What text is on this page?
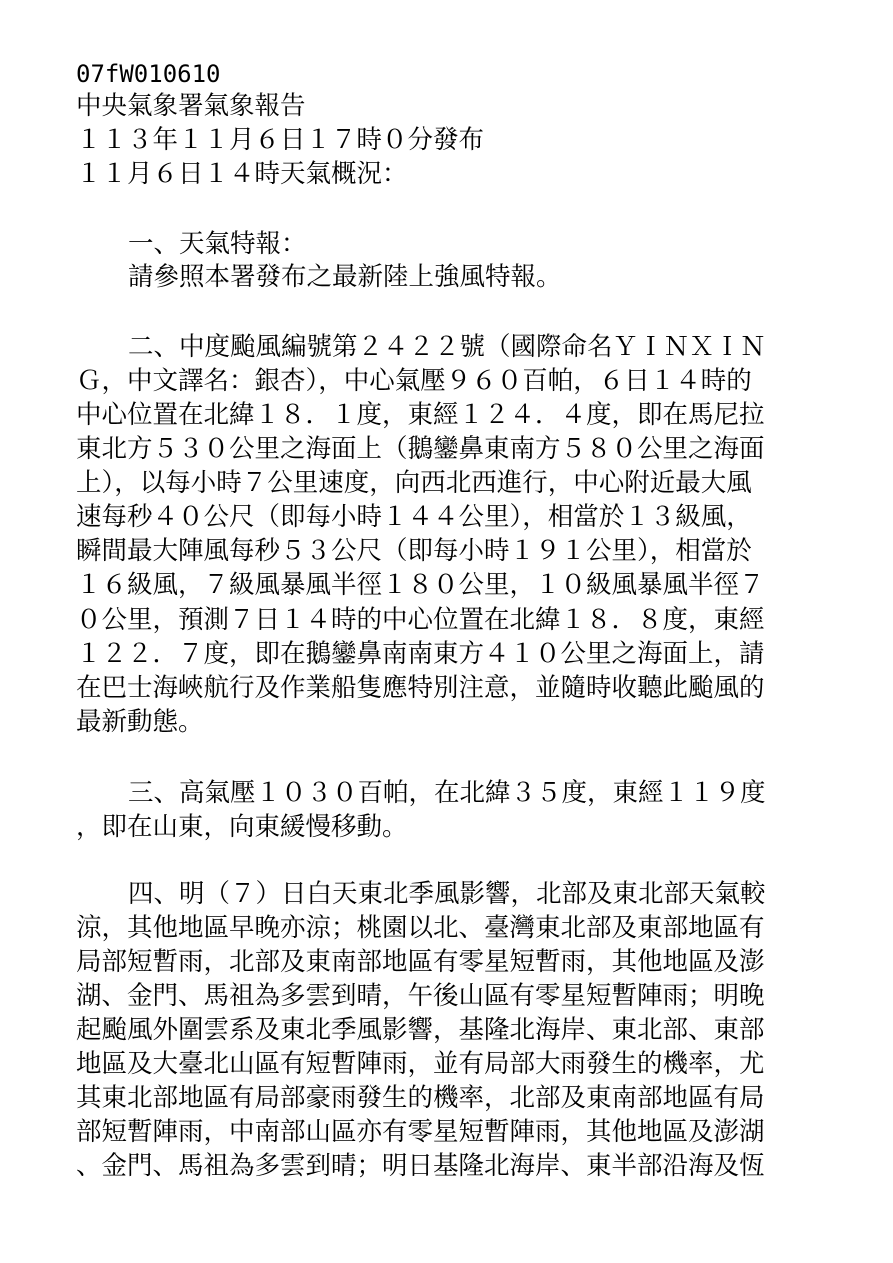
07fW010610
中央氣象署氣象報告
１１３年１１月６日１７時０分發布
１１月６日１４時天氣概況：
一、天氣特報：
請參照本署發布之最新陸上強風特報。
二、中度颱風編號第２４２２號（國際命名ＹＩＮＸＩＮ
Ｇ，中文譯名：銀杏），中心氣壓９６０百帕，６日１４時的
中心位置在北緯１８．１度，東經１２４．４度，即在馬尼拉
東北方５３０公里之海面上（鵝鑾鼻東南方５８０公里之海面
上），以每小時７公里速度，向西北西進行，中心附近最大風
速每秒４０公尺（即每小時１４４公里），相當於１３級風，
瞬間最大陣風每秒５３公尺（即每小時１９１公里），相當於
１６級風，７級風暴風半徑１８０公里，１０級風暴風半徑７
０公里，預測７日１４時的中心位置在北緯１８．８度，東經
１２２．７度，即在鵝鑾鼻南南東方４１０公里之海面上，請
在巴士海峽航行及作業船隻應特別注意，並隨時收聽此颱風的
最新動態。
三、高氣壓１０３０百帕，在北緯３５度，東經１１９度
，即在山東，向東緩慢移動。
四、明（７）日白天東北季風影響，北部及東北部天氣較
涼，其他地區早晚亦涼；桃園以北、臺灣東北部及東部地區有
局部短暫雨，北部及東南部地區有零星短暫雨，其他地區及澎
湖、金門、馬祖為多雲到晴，午後山區有零星短暫陣雨；明晚
起颱風外圍雲系及東北季風影響，基隆北海岸、東北部、東部
地區及大臺北山區有短暫陣雨，並有局部大雨發生的機率，尤
其東北部地區有局部豪雨發生的機率，北部及東南部地區有局
部短暫陣雨，中南部山區亦有零星短暫陣雨，其他地區及澎湖
、金門、馬祖為多雲到晴；明日基隆北海岸、東半部沿海及恆
